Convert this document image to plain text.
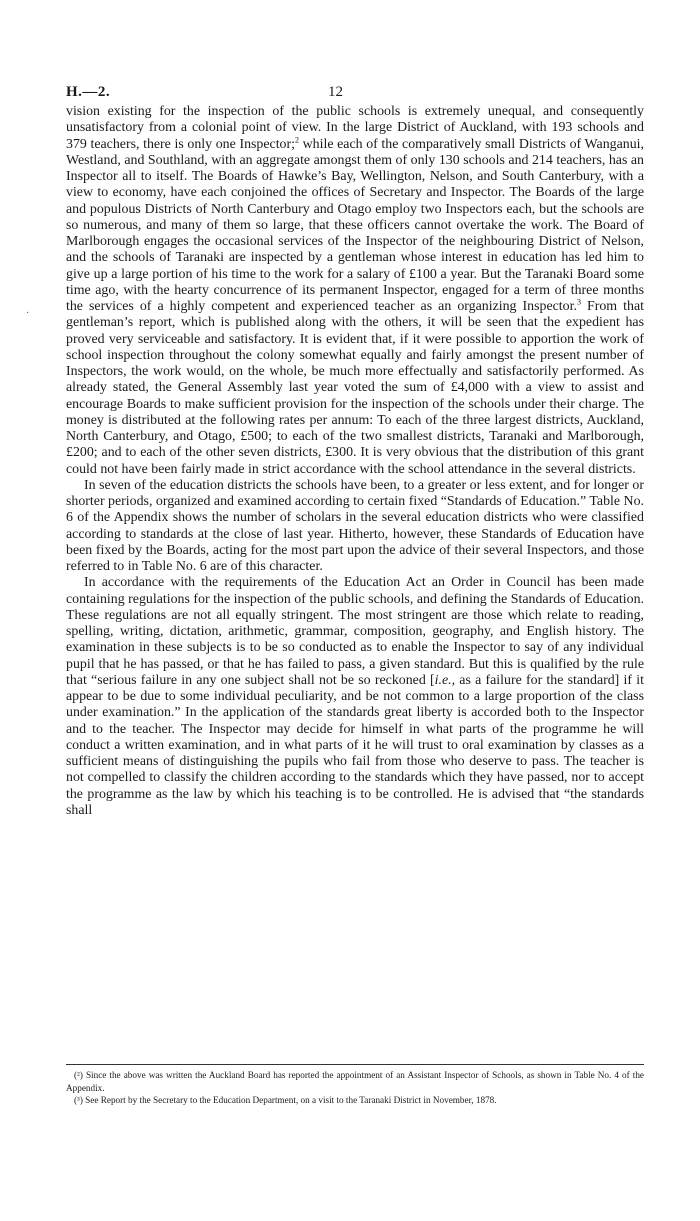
H.—2.	12

vision existing for the inspection of the public schools is extremely unequal, and consequently unsatisfactory from a colonial point of view. In the large District of Auckland, with 193 schools and 379 teachers, there is only one Inspector;$^2$ while each of the comparatively small Districts of Wanganui, Westland, and Southland, with an aggregate amongst them of only 130 schools and 214 teachers, has an Inspector all to itself. The Boards of Hawke’s Bay, Wellington, Nelson, and South Canterbury, with a view to economy, have each conjoined the offices of Secretary and Inspector. The Boards of the large and populous Districts of North Canterbury and Otago employ two Inspectors each, but the schools are so numerous, and many of them so large, that these officers cannot overtake the work. The Board of Marlborough engages the occasional services of the Inspector of the neighbouring District of Nelson, and the schools of Taranaki are inspected by a gentleman whose interest in education has led him to give up a large portion of his time to the work for a salary of £100 a year. But the Taranaki Board some time ago, with the hearty concurrence of its permanent Inspector, engaged for a term of three months the services of a highly competent and experienced teacher as an organizing Inspector.$^3$ From that gentleman’s report, which is published along with the others, it will be seen that the expedient has proved very serviceable and satisfactory. It is evident that, if it were possible to apportion the work of school inspection throughout the colony somewhat equally and fairly amongst the present number of Inspectors, the work would, on the whole, be much more effectually and satisfactorily performed. As already stated, the General Assembly last year voted the sum of £4,000 with a view to assist and encourage Boards to make sufficient provision for the inspection of the schools under their charge. The money is distributed at the following rates per annum: To each of the three largest districts, Auckland, North Canterbury, and Otago, £500; to each of the two smallest districts, Taranaki and Marlborough, £200; and to each of the other seven districts, £300. It is very obvious that the distribution of this grant could not have been fairly made in strict accordance with the school attendance in the several districts.

In seven of the education districts the schools have been, to a greater or less extent, and for longer or shorter periods, organized and examined according to certain fixed “Standards of Education.” Table No. 6 of the Appendix shows the number of scholars in the several education districts who were classified according to standards at the close of last year. Hitherto, however, these Standards of Education have been fixed by the Boards, acting for the most part upon the advice of their several Inspectors, and those referred to in Table No. 6 are of this character.

In accordance with the requirements of the Education Act an Order in Council has been made containing regulations for the inspection of the public schools, and defining the Standards of Education. These regulations are not all equally stringent. The most stringent are those which relate to reading, spelling, writing, dictation, arithmetic, grammar, composition, geography, and English history. The examination in these subjects is to be so conducted as to enable the Inspector to say of any individual pupil that he has passed, or that he has failed to pass, a given standard. But this is qualified by the rule that “serious failure in any one subject shall not be so reckoned [i.e., as a failure for the standard] if it appear to be due to some individual peculiarity, and be not common to a large proportion of the class under examination.” In the application of the standards great liberty is accorded both to the Inspector and to the teacher. The Inspector may decide for himself in what parts of the programme he will conduct a written examination, and in what parts of it he will trust to oral examination by classes as a sufficient means of distinguishing the pupils who fail from those who deserve to pass. The teacher is not compelled to classify the children according to the standards which they have passed, nor to accept the programme as the law by which his teaching is to be controlled. He is advised that “the standards shall

·

(²) Since the above was written the Auckland Board has reported the appointment of an Assistant Inspector of Schools, as shown in Table No. 4 of the Appendix.

(³) See Report by the Secretary to the Education Department, on a visit to the Taranaki District in November, 1878.
